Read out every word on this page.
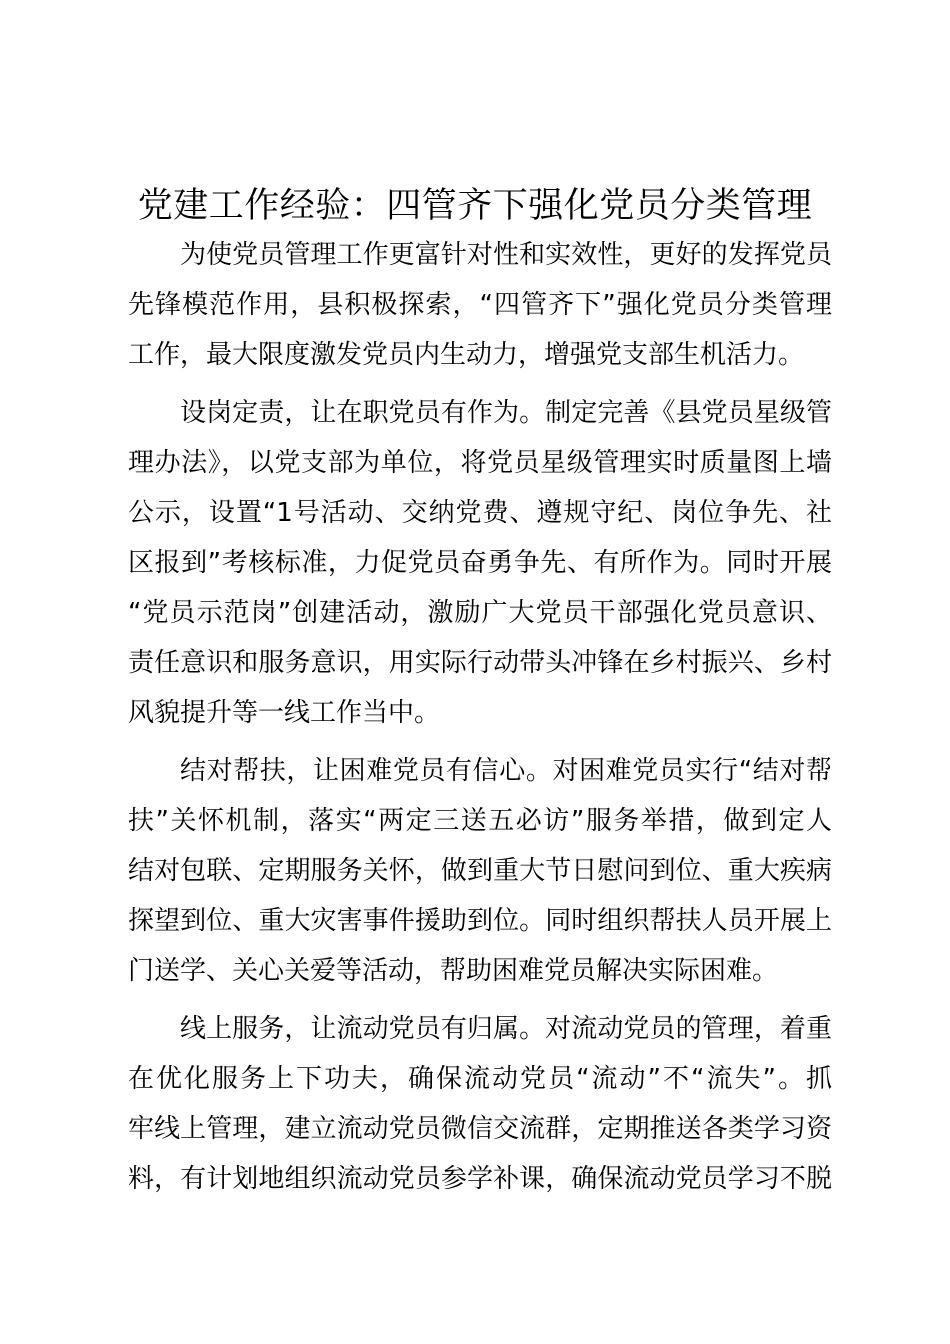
党建工作经验：四管齐下强化党员分类管理

为使党员管理工作更富针对性和实效性，更好的发挥党员
先锋模范作用，县积极探索，“四管齐下”强化党员分类管理
工作，最大限度激发党员内生动力，增强党支部生机活力。

设岗定责，让在职党员有作为。制定完善《县党员星级管
理办法》，以党支部为单位，将党员星级管理实时质量图上墙
公示，设置“1号活动、交纳党费、遵规守纪、岗位争先、社
区报到”考核标准，力促党员奋勇争先、有所作为。同时开展
“党员示范岗”创建活动，激励广大党员干部强化党员意识、
责任意识和服务意识，用实际行动带头冲锋在乡村振兴、乡村
风貌提升等一线工作当中。

结对帮扶，让困难党员有信心。对困难党员实行“结对帮
扶”关怀机制，落实“两定三送五必访”服务举措，做到定人
结对包联、定期服务关怀，做到重大节日慰问到位、重大疾病
探望到位、重大灾害事件援助到位。同时组织帮扶人员开展上
门送学、关心关爱等活动，帮助困难党员解决实际困难。

线上服务，让流动党员有归属。对流动党员的管理，着重
在优化服务上下功夫，确保流动党员“流动”不“流失”。抓
牢线上管理，建立流动党员微信交流群，定期推送各类学习资
料，有计划地组织流动党员参学补课，确保流动党员学习不脱
